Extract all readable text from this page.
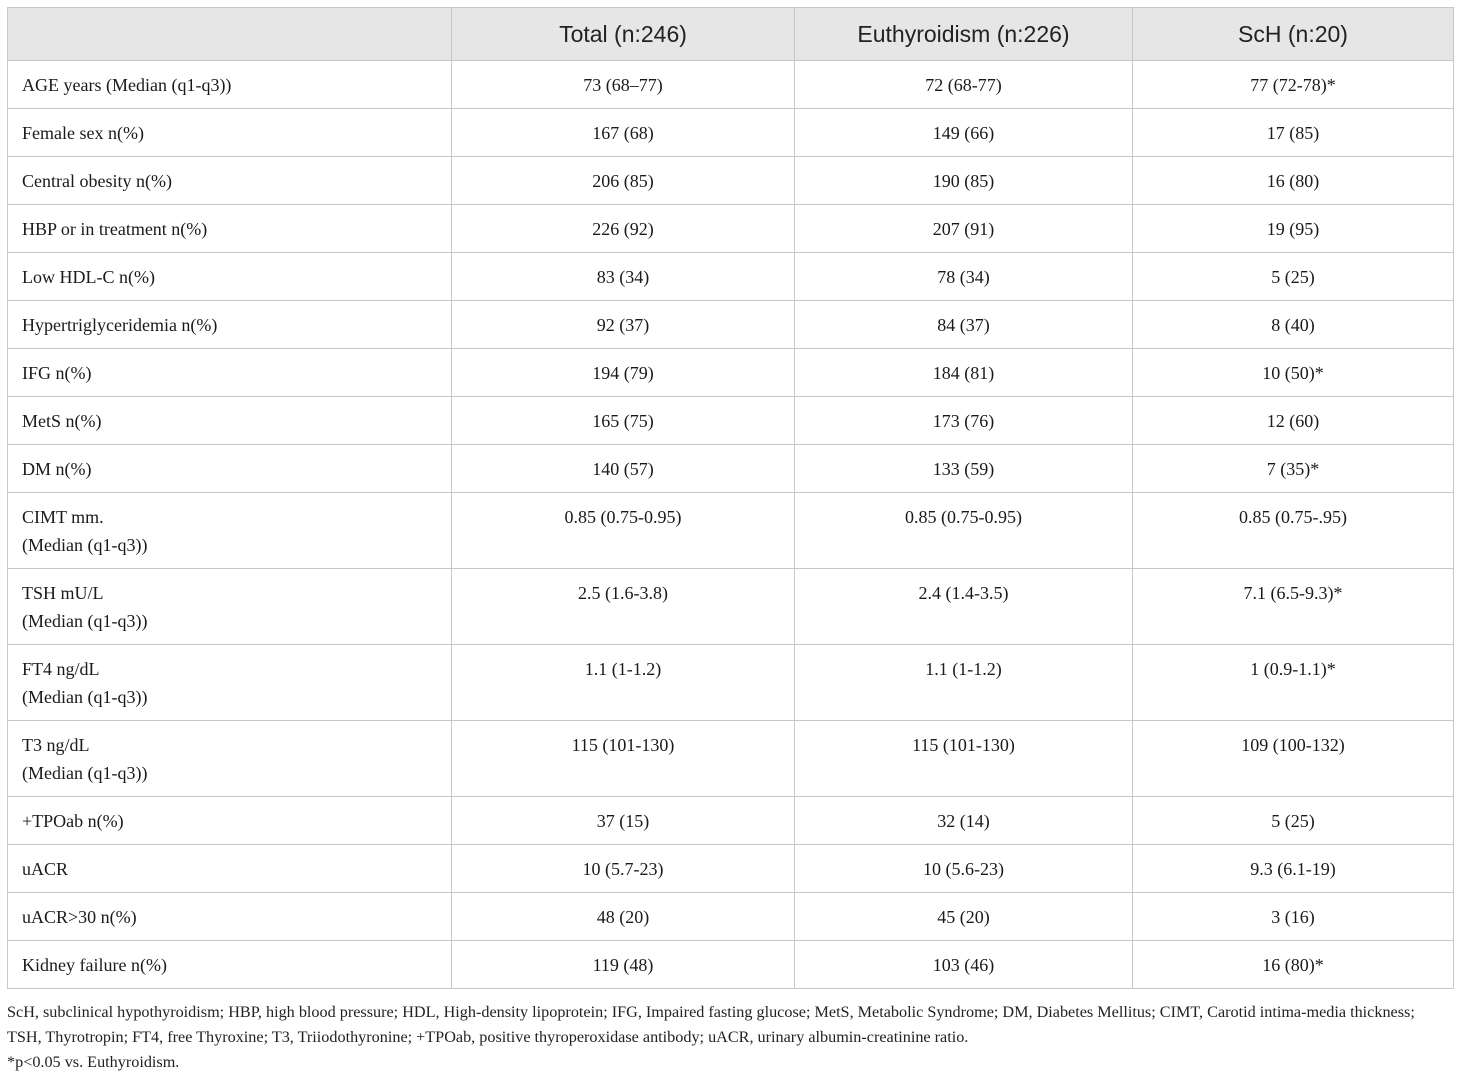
	Total (n:246)	Euthyroidism (n:226)	ScH (n:20)

AGE years (Median (q1-q3))	73 (68–77)	72 (68-77)	77 (72-78)*

Female sex n(%)	167 (68)	149 (66)	17 (85)

Central obesity n(%)	206 (85)	190 (85)	16 (80)

HBP or in treatment n(%)	226 (92)	207 (91)	19 (95)

Low HDL-C n(%)	83 (34)	78 (34)	5 (25)

Hypertriglyceridemia n(%)	92 (37)	84 (37)	8 (40)

IFG n(%)	194 (79)	184 (81)	10 (50)*

MetS n(%)	165 (75)	173 (76)	12 (60)

DM n(%)	140 (57)	133 (59)	7 (35)*

CIMT mm.
(Median (q1-q3))	0.85 (0.75-0.95)	0.85 (0.75-0.95)	0.85 (0.75-.95)

TSH mU/L
(Median (q1-q3))	2.5 (1.6-3.8)	2.4 (1.4-3.5)	7.1 (6.5-9.3)*

FT4 ng/dL
(Median (q1-q3))	1.1 (1-1.2)	1.1 (1-1.2)	1 (0.9-1.1)*

T3 ng/dL
(Median (q1-q3))	115 (101-130)	115 (101-130)	109 (100-132)

+TPOab n(%)	37 (15)	32 (14)	5 (25)

uACR	10 (5.7-23)	10 (5.6-23)	9.3 (6.1-19)

uACR>30 n(%)	48 (20)	45 (20)	3 (16)

Kidney failure n(%)	119 (48)	103 (46)	16 (80)*

ScH, subclinical hypothyroidism; HBP, high blood pressure; HDL, High-density lipoprotein; IFG, Impaired fasting glucose; MetS, Metabolic Syndrome; DM, Diabetes Mellitus; CIMT, Carotid intima-media thickness; TSH, Thyrotropin; FT4, free Thyroxine; T3, Triiodothyronine; +TPOab, positive thyroperoxidase antibody; uACR, urinary albumin-creatinine ratio.

*p<0.05 vs. Euthyroidism.
